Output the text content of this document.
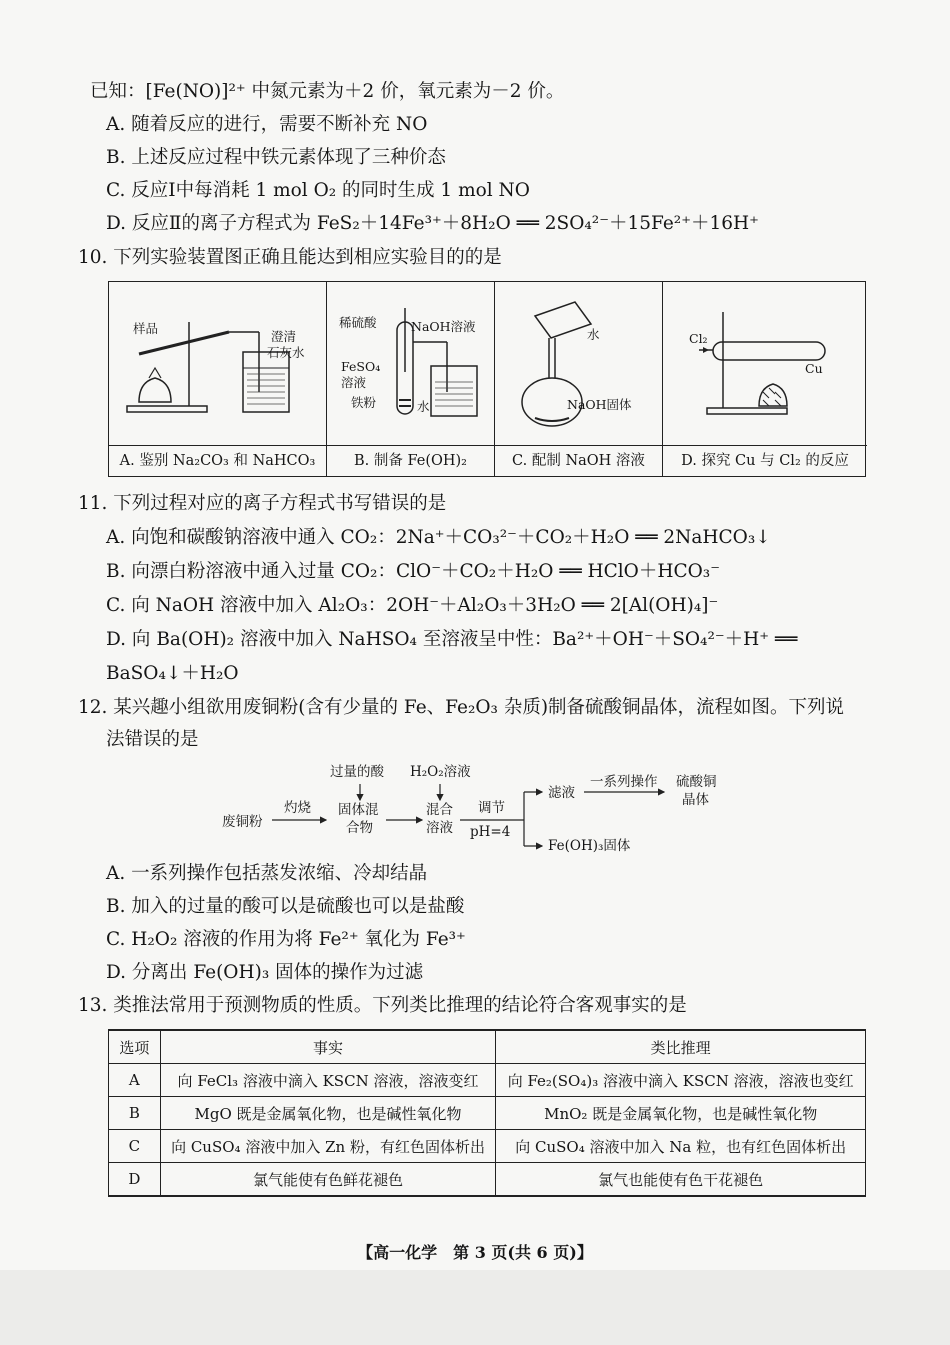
已知：[Fe(NO)]²⁺ 中氮元素为＋2 价，氧元素为－2 价。
A. 随着反应的进行，需要不断补充 NO
B. 上述反应过程中铁元素体现了三种价态
C. 反应Ⅰ中每消耗 1 mol O₂ 的同时生成 1 mol NO
D. 反应Ⅱ的离子方程式为 FeS₂＋14Fe³⁺＋8H₂O ══ 2SO₄²⁻＋15Fe²⁺＋16H⁺
10. 下列实验装置图正确且能达到相应实验目的的是
样品
澄清
石灰水
A. 鉴别 Na₂CO₃ 和 NaHCO₃
稀硫酸	NaOH溶液
FeSO₄
溶液
铁粉	水
B. 制备 Fe(OH)₂
水
NaOH固体
C. 配制 NaOH 溶液
Cl₂
Cu
D. 探究 Cu 与 Cl₂ 的反应
11. 下列过程对应的离子方程式书写错误的是
A. 向饱和碳酸钠溶液中通入 CO₂：2Na⁺＋CO₃²⁻＋CO₂＋H₂O ══ 2NaHCO₃↓
B. 向漂白粉溶液中通入过量 CO₂：ClO⁻＋CO₂＋H₂O ══ HClO＋HCO₃⁻
C. 向 NaOH 溶液中加入 Al₂O₃：2OH⁻＋Al₂O₃＋3H₂O ══ 2[Al(OH)₄]⁻
D. 向 Ba(OH)₂ 溶液中加入 NaHSO₄ 至溶液呈中性：Ba²⁺＋OH⁻＋SO₄²⁻＋H⁺ ══
BaSO₄↓＋H₂O
12. 某兴趣小组欲用废铜粉(含有少量的 Fe、Fe₂O₃ 杂质)制备硫酸铜晶体，流程如图。下列说
法错误的是
废铜粉
灼烧 固体混
合物
过量的酸 H₂O₂溶液
混合
溶液
调节
pH=4
滤液
一系列操作 硫酸铜
晶体
Fe(OH)₃固体
A. 一系列操作包括蒸发浓缩、冷却结晶
B. 加入的过量的酸可以是硫酸也可以是盐酸
C. H₂O₂ 溶液的作用为将 Fe²⁺ 氧化为 Fe³⁺
D. 分离出 Fe(OH)₃ 固体的操作为过滤
13. 类推法常用于预测物质的性质。下列类比推理的结论符合客观事实的是
选项	事实	类比推理
A	向 FeCl₃ 溶液中滴入 KSCN 溶液，溶液变红	向 Fe₂(SO₄)₃ 溶液中滴入 KSCN 溶液，溶液也变红
B	MgO 既是金属氧化物，也是碱性氧化物	MnO₂ 既是金属氧化物，也是碱性氧化物
C	向 CuSO₄ 溶液中加入 Zn 粉，有红色固体析出	向 CuSO₄ 溶液中加入 Na 粒，也有红色固体析出
D	氯气能使有色鲜花褪色	氯气也能使有色干花褪色
【高一化学　第 3 页(共 6 页)】
